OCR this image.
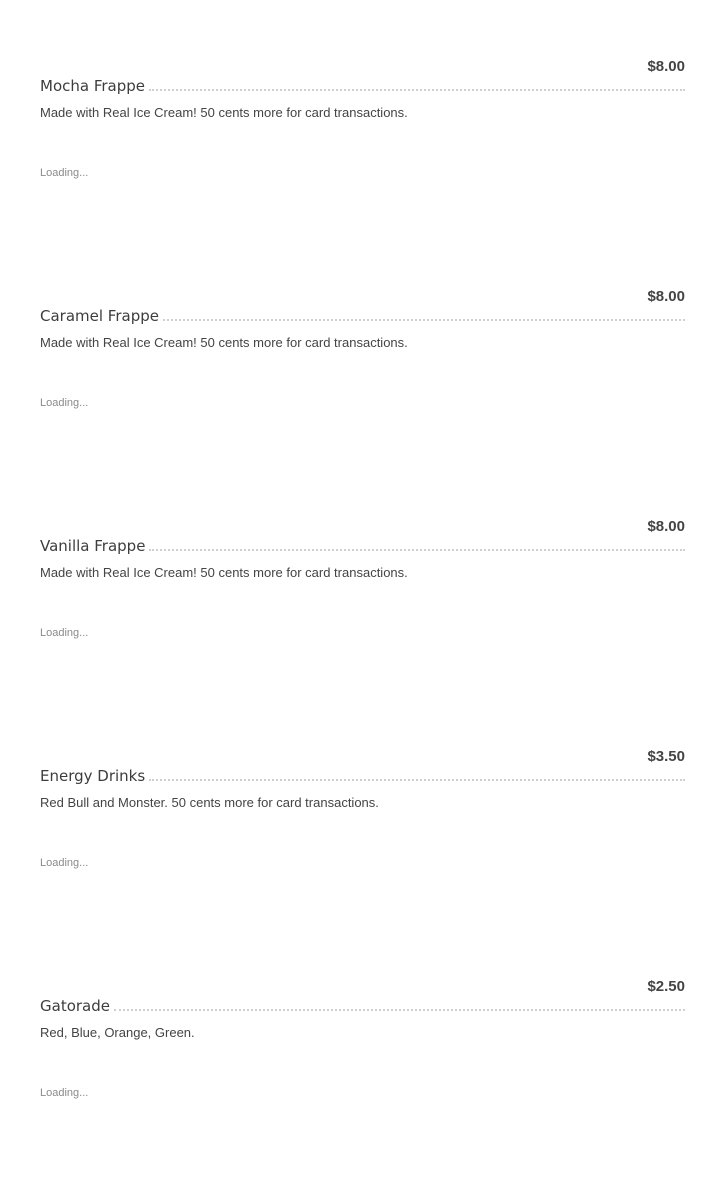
$8.00
Mocha Frappe
Made with Real Ice Cream! 50 cents more for card transactions.
Loading...
$8.00
Caramel Frappe
Made with Real Ice Cream! 50 cents more for card transactions.
Loading...
$8.00
Vanilla Frappe
Made with Real Ice Cream! 50 cents more for card transactions.
Loading...
$3.50
Energy Drinks
Red Bull and Monster. 50 cents more for card transactions.
Loading...
$2.50
Gatorade
Red, Blue, Orange, Green.
Loading...
